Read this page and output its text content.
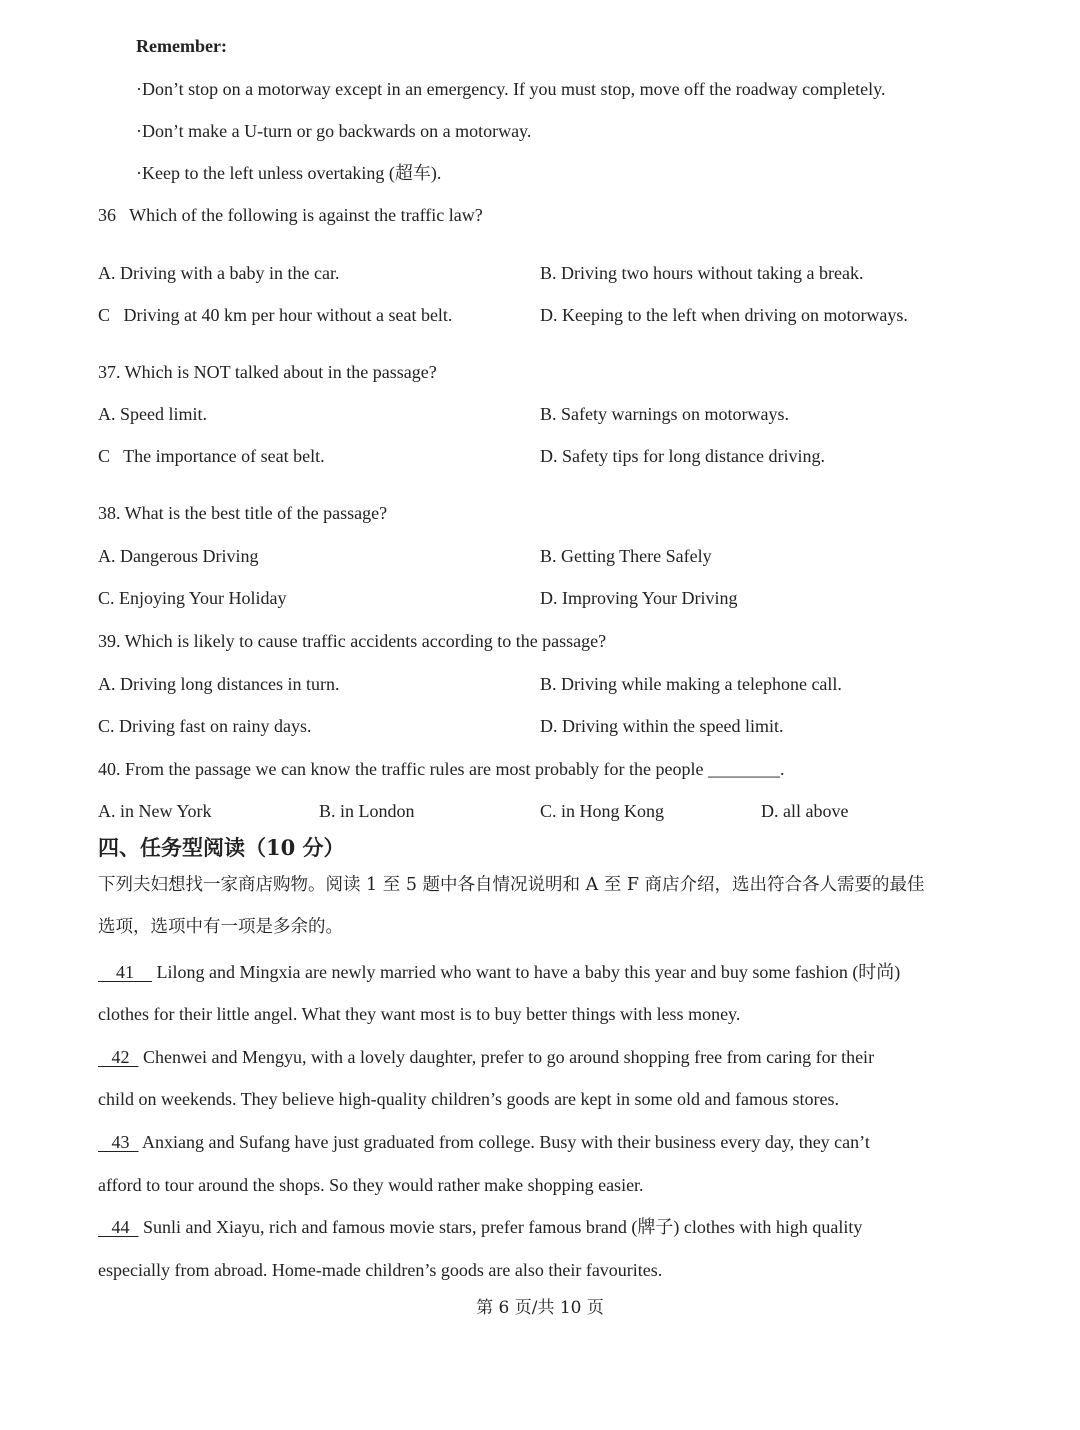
Remember:
· Don’t stop on a motorway except in an emergency. If you must stop, move off the roadway completely.
· Don’t make a U-turn or go backwards on a motorway.
· Keep to the left unless overtaking (超车).
36   Which of the following is against the traffic law?
A. Driving with a baby in the car.	B. Driving two hours without taking a break.
C   Driving at 40 km per hour without a seat belt.	D. Keeping to the left when driving on motorways.
37. Which is NOT talked about in the passage?
A. Speed limit.	B. Safety warnings on motorways.
C   The importance of seat belt.	D. Safety tips for long distance driving.
38. What is the best title of the passage?
A. Dangerous Driving	B. Getting There Safely
C. Enjoying Your Holiday	D. Improving Your Driving
39. Which is likely to cause traffic accidents according to the passage?
A. Driving long distances in turn.	B. Driving while making a telephone call.
C. Driving fast on rainy days.	D. Driving within the speed limit.
40. From the passage we can know the traffic rules are most probably for the people ________.
A. in New York	B. in London	C. in Hong Kong	D. all above
四、任务型阅读（10 分）
下列夫妇想找一家商店购物。阅读 1 至 5 题中各自情况说明和 A 至 F 商店介绍，选出符合各人需要的最佳
选项，选项中有一项是多余的。
41 Lilong and Mingxia are newly married who want to have a baby this year and buy some fashion (时尚)
clothes for their little angel. What they want most is to buy better things with less money.
42 Chenwei and Mengyu, with a lovely daughter, prefer to go around shopping free from caring for their
child on weekends. They believe high-quality children’s goods are kept in some old and famous stores.
43 Anxiang and Sufang have just graduated from college. Busy with their business every day, they can’t
afford to tour around the shops. So they would rather make shopping easier.
44 Sunli and Xiayu, rich and famous movie stars, prefer famous brand (牌子) clothes with high quality
especially from abroad. Home-made children’s goods are also their favourites.
第 6 页/共 10 页
